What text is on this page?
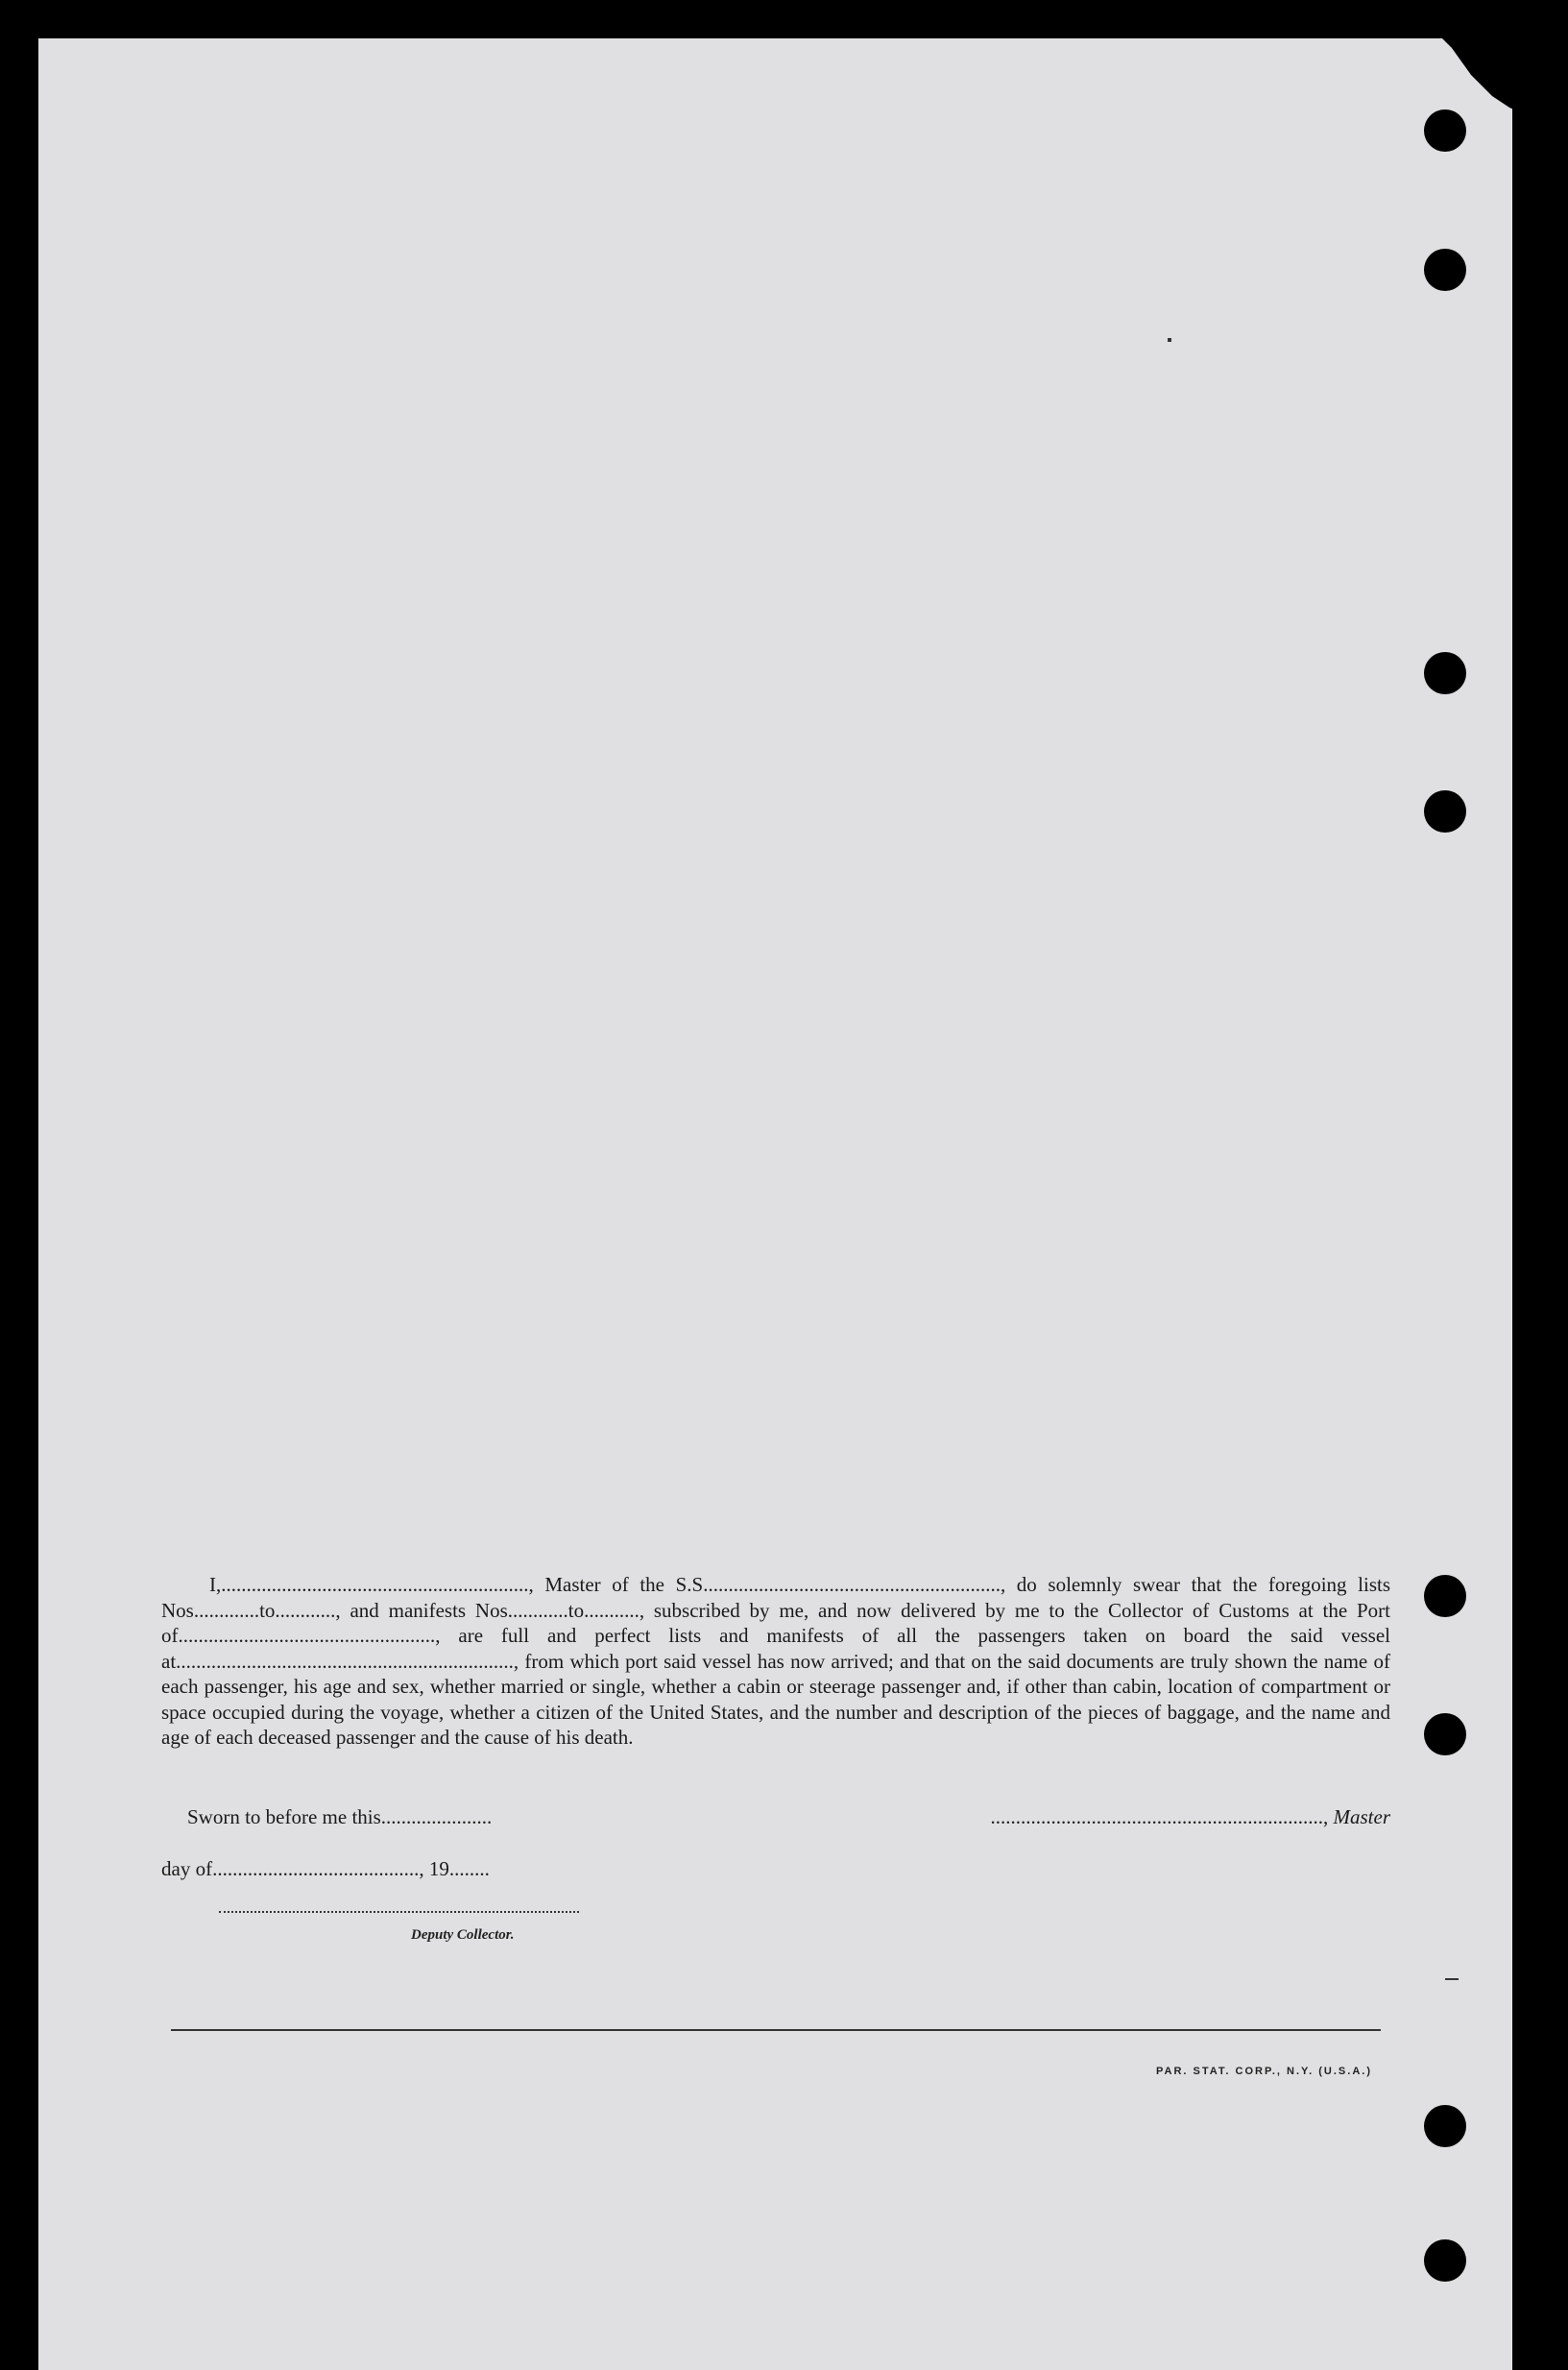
I,............................................................., Master of the S.S..........................................................., do solemnly swear that the foregoing lists Nos.............to............, and manifests Nos............to..........., subscribed by me, and now delivered by me to the Collector of Customs at the Port of..................................................., are full and perfect lists and manifests of all the passengers taken on board the said vessel at..................................................................., from which port said vessel has now arrived; and that on the said documents are truly shown the name of each passenger, his age and sex, whether married or single, whether a cabin or steerage passenger and, if other than cabin, location of compartment or space occupied during the voyage, whether a citizen of the United States, and the number and description of the pieces of baggage, and the name and age of each deceased passenger and the cause of his death.

Sworn to before me this......................	.................................................................., Master
day of........................................., 19........
Deputy Collector.
PAR. STAT. CORP., N.Y. (U.S.A.)
